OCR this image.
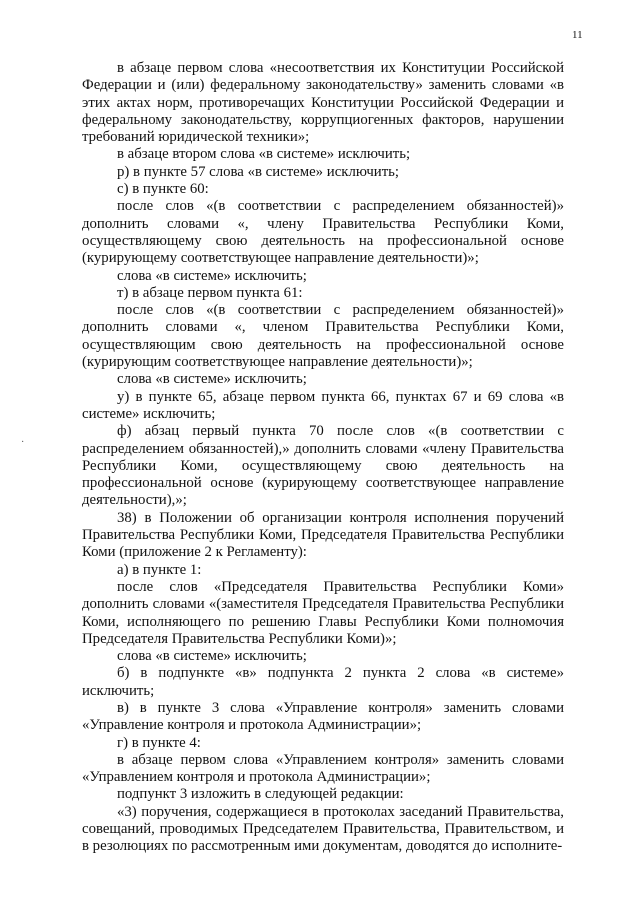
11
·

в абзаце первом слова «несоответствия их Конституции Российской Федерации и (или) федеральному законодательству» заменить словами «в этих актах норм, противоречащих Конституции Российской Федерации и федеральному законодательству, коррупциогенных факторов, нарушении требований юридической техники»;

в абзаце втором слова «в системе» исключить;

р) в пункте 57 слова «в системе» исключить;

с) в пункте 60:

после слов «(в соответствии с распределением обязанностей)» дополнить словами «, члену Правительства Республики Коми, осуществляющему свою деятельность на профессиональной основе (курирующему соответствующее направление деятельности)»;

слова «в системе» исключить;

т) в абзаце первом пункта 61:

после слов «(в соответствии с распределением обязанностей)» дополнить словами «, членом Правительства Республики Коми, осуществляющим свою деятельность на профессиональной основе (курирующим соответствующее направление деятельности)»;

слова «в системе» исключить;

у) в пункте 65, абзаце первом пункта 66, пунктах 67 и 69 слова «в системе» исключить;

ф) абзац первый пункта 70 после слов «(в соответствии с распределением обязанностей),» дополнить словами «члену Правительства Республики Коми, осуществляющему свою деятельность на профессиональной основе (курирующему соответствующее направление деятельности),»;

38) в Положении об организации контроля исполнения поручений Правительства Республики Коми, Председателя Правительства Республики Коми (приложение 2 к Регламенту):

а) в пункте 1:

после слов «Председателя Правительства Республики Коми» дополнить словами «(заместителя Председателя Правительства Республики Коми, исполняющего по решению Главы Республики Коми полномочия Председателя Правительства Республики Коми)»;

слова «в системе» исключить;

б) в подпункте «в» подпункта 2 пункта 2 слова «в системе» исключить;

в) в пункте 3 слова «Управление контроля» заменить словами «Управление контроля и протокола Администрации»;

г) в пункте 4:

в абзаце первом слова «Управлением контроля» заменить словами «Управлением контроля и протокола Администрации»;

подпункт 3 изложить в следующей редакции:

«3) поручения, содержащиеся в протоколах заседаний Правительства, совещаний, проводимых Председателем Правительства, Правительством, и в резолюциях по рассмотренным ими документам, доводятся до исполните-
